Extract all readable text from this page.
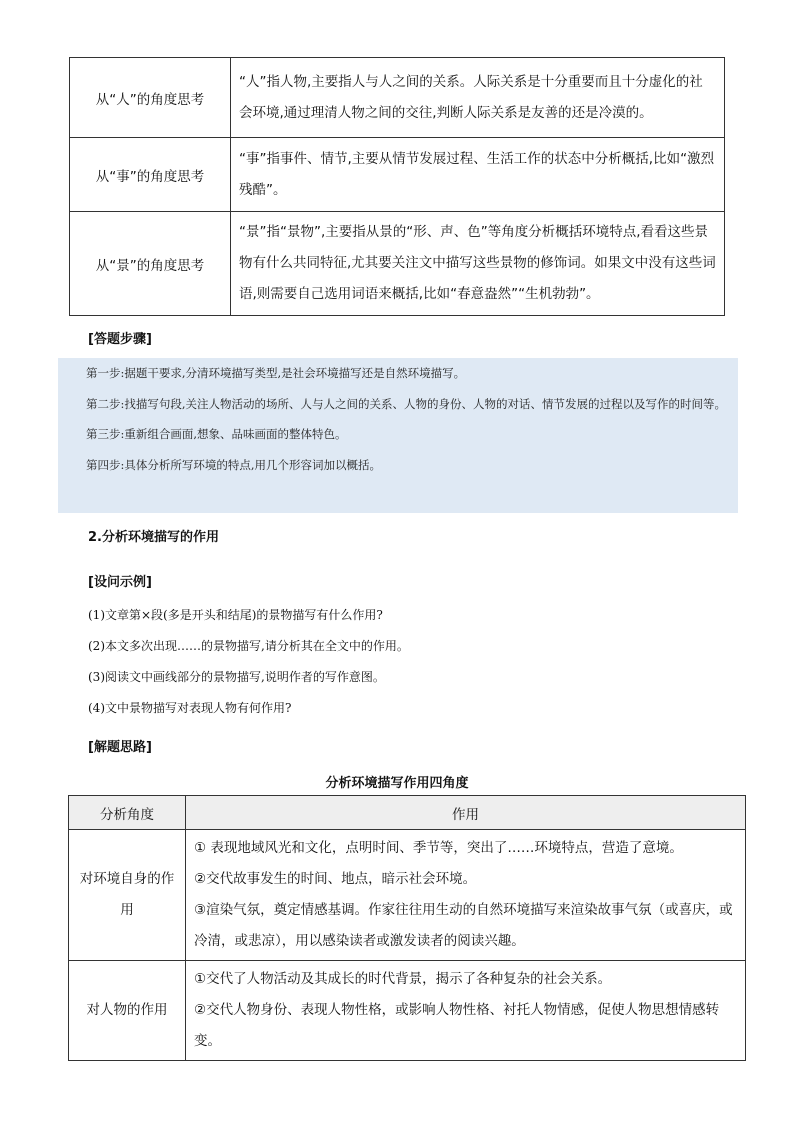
从“人”的角度思考	“人”指人物,主要指人与人之间的关系。人际关系是十分重要而且十分虚化的社会环境,通过理清人物之间的交往,判断人际关系是友善的还是冷漠的。
从“事”的角度思考	“事”指事件、情节,主要从情节发展过程、生活工作的状态中分析概括,比如“激烈残酷”。
从“景”的角度思考	“景”指“景物”,主要指从景的“形、声、色”等角度分析概括环境特点,看看这些景物有什么共同特征,尤其要关注文中描写这些景物的修饰词。如果文中没有这些词语,则需要自己选用词语来概括,比如“春意盎然”“生机勃勃”。
[答题步骤]

第一步:据题干要求,分清环境描写类型,是社会环境描写还是自然环境描写。

第二步:找描写句段,关注人物活动的场所、人与人之间的关系、人物的身份、人物的对话、情节发展的过程以及写作的时间等。

第三步:重新组合画面,想象、品味画面的整体特色。

第四步:具体分析所写环境的特点,用几个形容词加以概括。

2.分析环境描写的作用
[设问示例]
(1)文章第×段(多是开头和结尾)的景物描写有什么作用?
(2)本文多次出现……的景物描写,请分析其在全文中的作用。
(3)阅读文中画线部分的景物描写,说明作者的写作意图。
(4)文中景物描写对表现人物有何作用?
[解题思路]
分析环境描写作用四角度
分析角度	作用
对环境自身的作用	① 表现地域风光和文化，点明时间、季节等，突出了……环境特点，营造了意境。
②交代故事发生的时间、地点，暗示社会环境。
③渲染气氛，奠定情感基调。作家往往用生动的自然环境描写来渲染故事气氛（或喜庆，或冷清，或悲凉），用以感染读者或激发读者的阅读兴趣。

对人物的作用	①交代了人物活动及其成长的时代背景，揭示了各种复杂的社会关系。
②交代人物身份、表现人物性格，或影响人物性格、衬托人物情感，促使人物思想情感转变。
